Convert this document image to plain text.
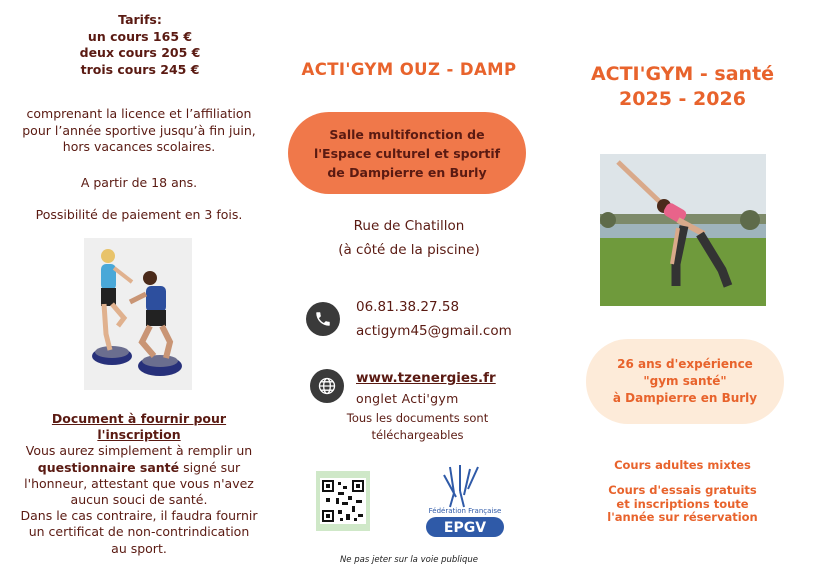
Tarifs:
un cours 165 €
deux cours 205 €
trois cours 245 €
comprenant la licence et l’affiliation
pour l’année sportive jusqu’à fin juin,
hors vacances scolaires.
A partir de 18 ans.
Possibilité de paiement en 3 fois.
Document à fournir pour l'inscription
Vous aurez simplement à remplir un
questionnaire santé signé sur
l'honneur, attestant que vous n'avez
aucun souci de santé.
Dans le cas contraire, il faudra fournir
un certificat de non-contrindication
au sport.
ACTI'GYM OUZ - DAMP
Salle multifonction de
l'Espace culturel et sportif
de Dampierre en Burly
Rue de Chatillon
(à côté de la piscine)
06.81.38.27.58
actigym45@gmail.com
www.tzenergies.fr
onglet Acti'gym
Tous les documents sont
téléchargeables
Fédération Française
EPGV
Ne pas jeter sur la voie publique
ACTI'GYM - santé
2025 - 2026
26 ans d'expérience
"gym santé"
à Dampierre en Burly
Cours adultes mixtes
Cours d'essais gratuits
et inscriptions toute
l'année sur réservation
